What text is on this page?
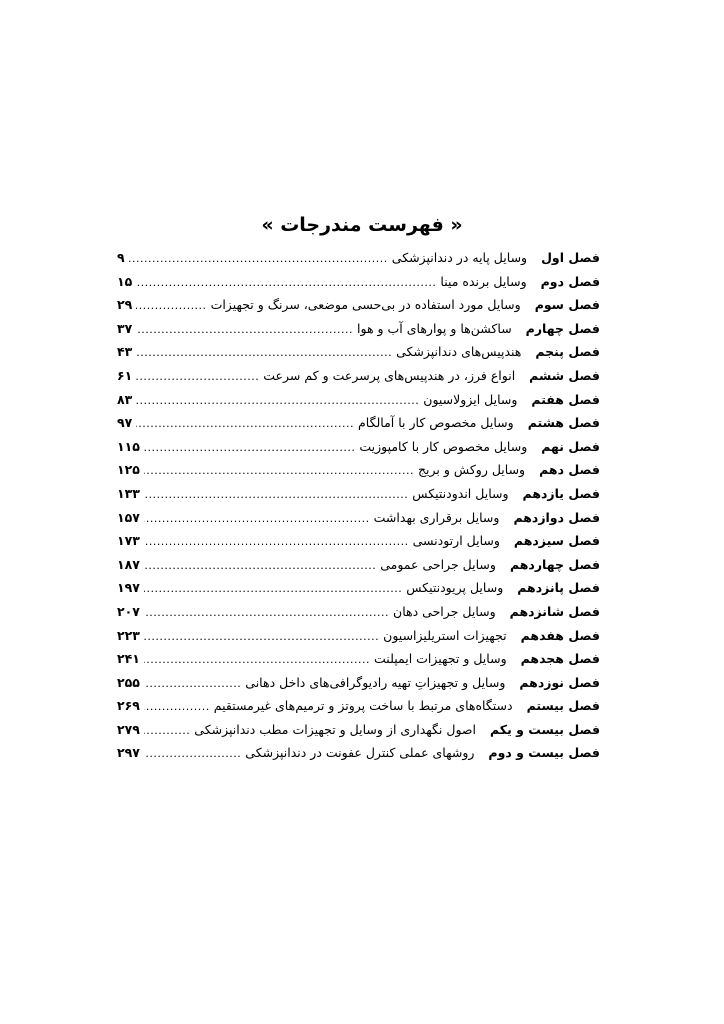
« فهرست مندرجات »
فصل اول
وسایل پایه در دندانپزشکی
.....
۹
فصل دوم
وسایل برنده مینا
.....
۱۵
فصل سوم
وسایل مورد استفاده در بی‌حسی موضعی، سرنگ و تجهیزات
.....
۲۹
فصل چهارم
ساکشن‌ها و پوارهای آب و هوا
.....
۳۷
فصل پنجم
هندپیس‌های دندانپزشکی
.....
۴۳
فصل ششم
انواع فرز، در هندپیس‌های پرسرعت و کم سرعت
.....
۶۱
فصل هفتم
وسایل ایزولاسیون
.....
۸۳
فصل هشتم
وسایل مخصوص کار با آمالگام
.....
۹۷
فصل نهم
وسایل مخصوص کار با کامپوزیت
.....
۱۱۵
فصل دهم
وسایل روکش و بریج
.....
۱۲۵
فصل یازدهم
وسایل اندودنتیکس
.....
۱۳۳
فصل دوازدهم
وسایل برقراری بهداشت
.....
۱۵۷
فصل سیزدهم
وسایل ارتودنسی
.....
۱۷۳
فصل چهاردهم
وسایل جراحی عمومی
.....
۱۸۷
فصل پانزدهم
وسایل پریودنتیکس
.....
۱۹۷
فصل شانزدهم
وسایل جراحی دهان
.....
۲۰۷
فصل هفدهم
تجهیزات استریلیزاسیون
.....
۲۲۳
فصل هجدهم
وسایل و تجهیزات ایمپلنت
.....
۲۴۱
فصل نوزدهم
وسایل و تجهیزاتِ تهیه رادیوگرافی‌های داخل دهانی
.....
۲۵۵
فصل بیستم
دستگاه‌های مرتبط با ساخت پروتز و ترمیم‌های غیرمستقیم
.....
۲۶۹
فصل بیست و یکم
اصول نگهداری از وسایل و تجهیزات مطب دندانپزشکی
.....
۲۷۹
فصل بیست و دوم
روشهای عملی کنترل عفونت در دندانپزشکی
.....
۲۹۷
